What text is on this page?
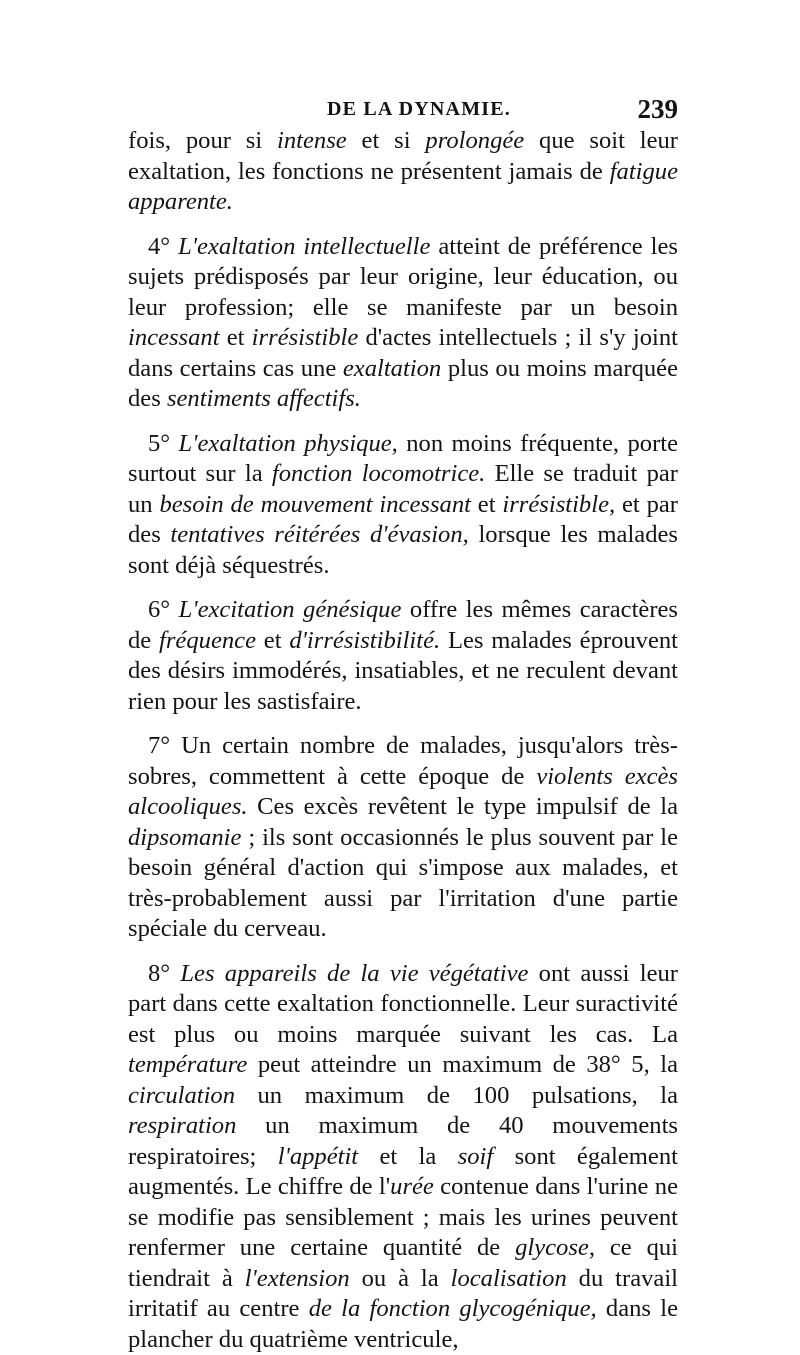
DE LA DYNAMIE.	239

fois, pour si intense et si prolongée que soit leur exaltation, les fonctions ne présentent jamais de fatigue apparente.

4° L'exaltation intellectuelle atteint de préférence les sujets prédisposés par leur origine, leur éducation, ou leur profession; elle se manifeste par un besoin incessant et irrésistible d'actes intellectuels ; il s'y joint dans certains cas une exaltation plus ou moins marquée des sentiments affectifs.

5° L'exaltation physique, non moins fréquente, porte surtout sur la fonction locomotrice. Elle se traduit par un besoin de mouvement incessant et irrésistible, et par des tentatives réitérées d'évasion, lorsque les malades sont déjà séquestrés.

6° L'excitation génésique offre les mêmes caractères de fréquence et d'irrésistibilité. Les malades éprouvent des désirs immodérés, insatiables, et ne reculent devant rien pour les sastisfaire.

7° Un certain nombre de malades, jusqu'alors très-sobres, commettent à cette époque de violents excès alcooliques. Ces excès revêtent le type impulsif de la dipsomanie ; ils sont occasionnés le plus souvent par le besoin général d'action qui s'impose aux malades, et très-probablement aussi par l'irritation d'une partie spéciale du cerveau.

8° Les appareils de la vie végétative ont aussi leur part dans cette exaltation fonctionnelle. Leur suractivité est plus ou moins marquée suivant les cas. La température peut atteindre un maximum de 38° 5, la circulation un maximum de 100 pulsations, la respiration un maximum de 40 mouvements respiratoires; l'appétit et la soif sont également augmentés. Le chiffre de l'urée contenue dans l'urine ne se modifie pas sensiblement ; mais les urines peuvent renfermer une certaine quantité de glycose, ce qui tiendrait à l'extension ou à la localisation du travail irritatif au centre de la fonction glycogénique, dans le plancher du quatrième ventricule,
